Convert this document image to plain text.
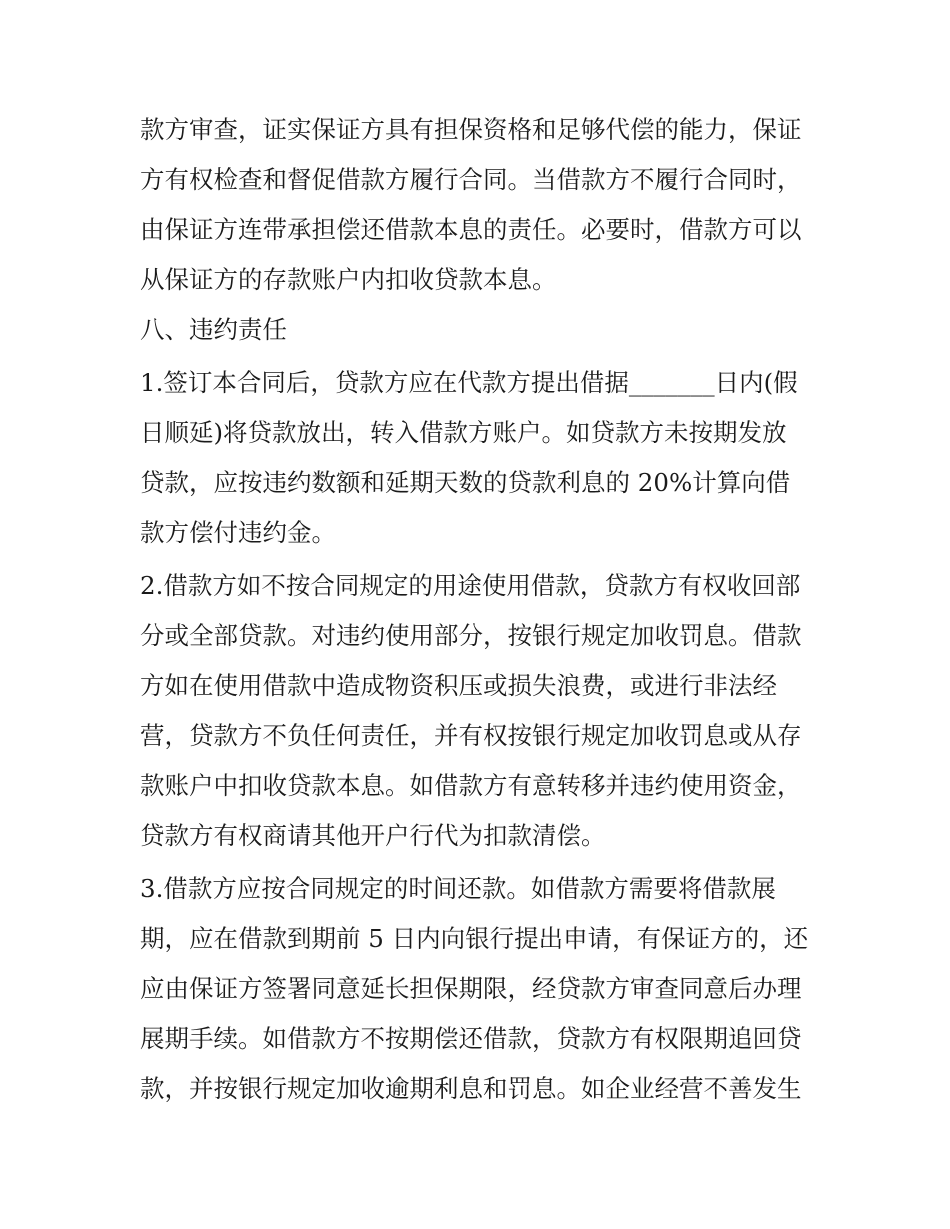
款方审查，证实保证方具有担保资格和足够代偿的能力，保证
方有权检查和督促借款方履行合同。当借款方不履行合同时，
由保证方连带承担偿还借款本息的责任。必要时，借款方可以
从保证方的存款账户内扣收贷款本息。
八、违约责任
1.签订本合同后，贷款方应在代款方提出借据_______日内(假
日顺延)将贷款放出，转入借款方账户。如贷款方未按期发放
贷款，应按违约数额和延期天数的贷款利息的 20%计算向借
款方偿付违约金。
2.借款方如不按合同规定的用途使用借款，贷款方有权收回部
分或全部贷款。对违约使用部分，按银行规定加收罚息。借款
方如在使用借款中造成物资积压或损失浪费，或进行非法经
营，贷款方不负任何责任，并有权按银行规定加收罚息或从存
款账户中扣收贷款本息。如借款方有意转移并违约使用资金，
贷款方有权商请其他开户行代为扣款清偿。
3.借款方应按合同规定的时间还款。如借款方需要将借款展
期，应在借款到期前 5 日内向银行提出申请，有保证方的，还
应由保证方签署同意延长担保期限，经贷款方审查同意后办理
展期手续。如借款方不按期偿还借款，贷款方有权限期追回贷
款，并按银行规定加收逾期利息和罚息。如企业经营不善发生
